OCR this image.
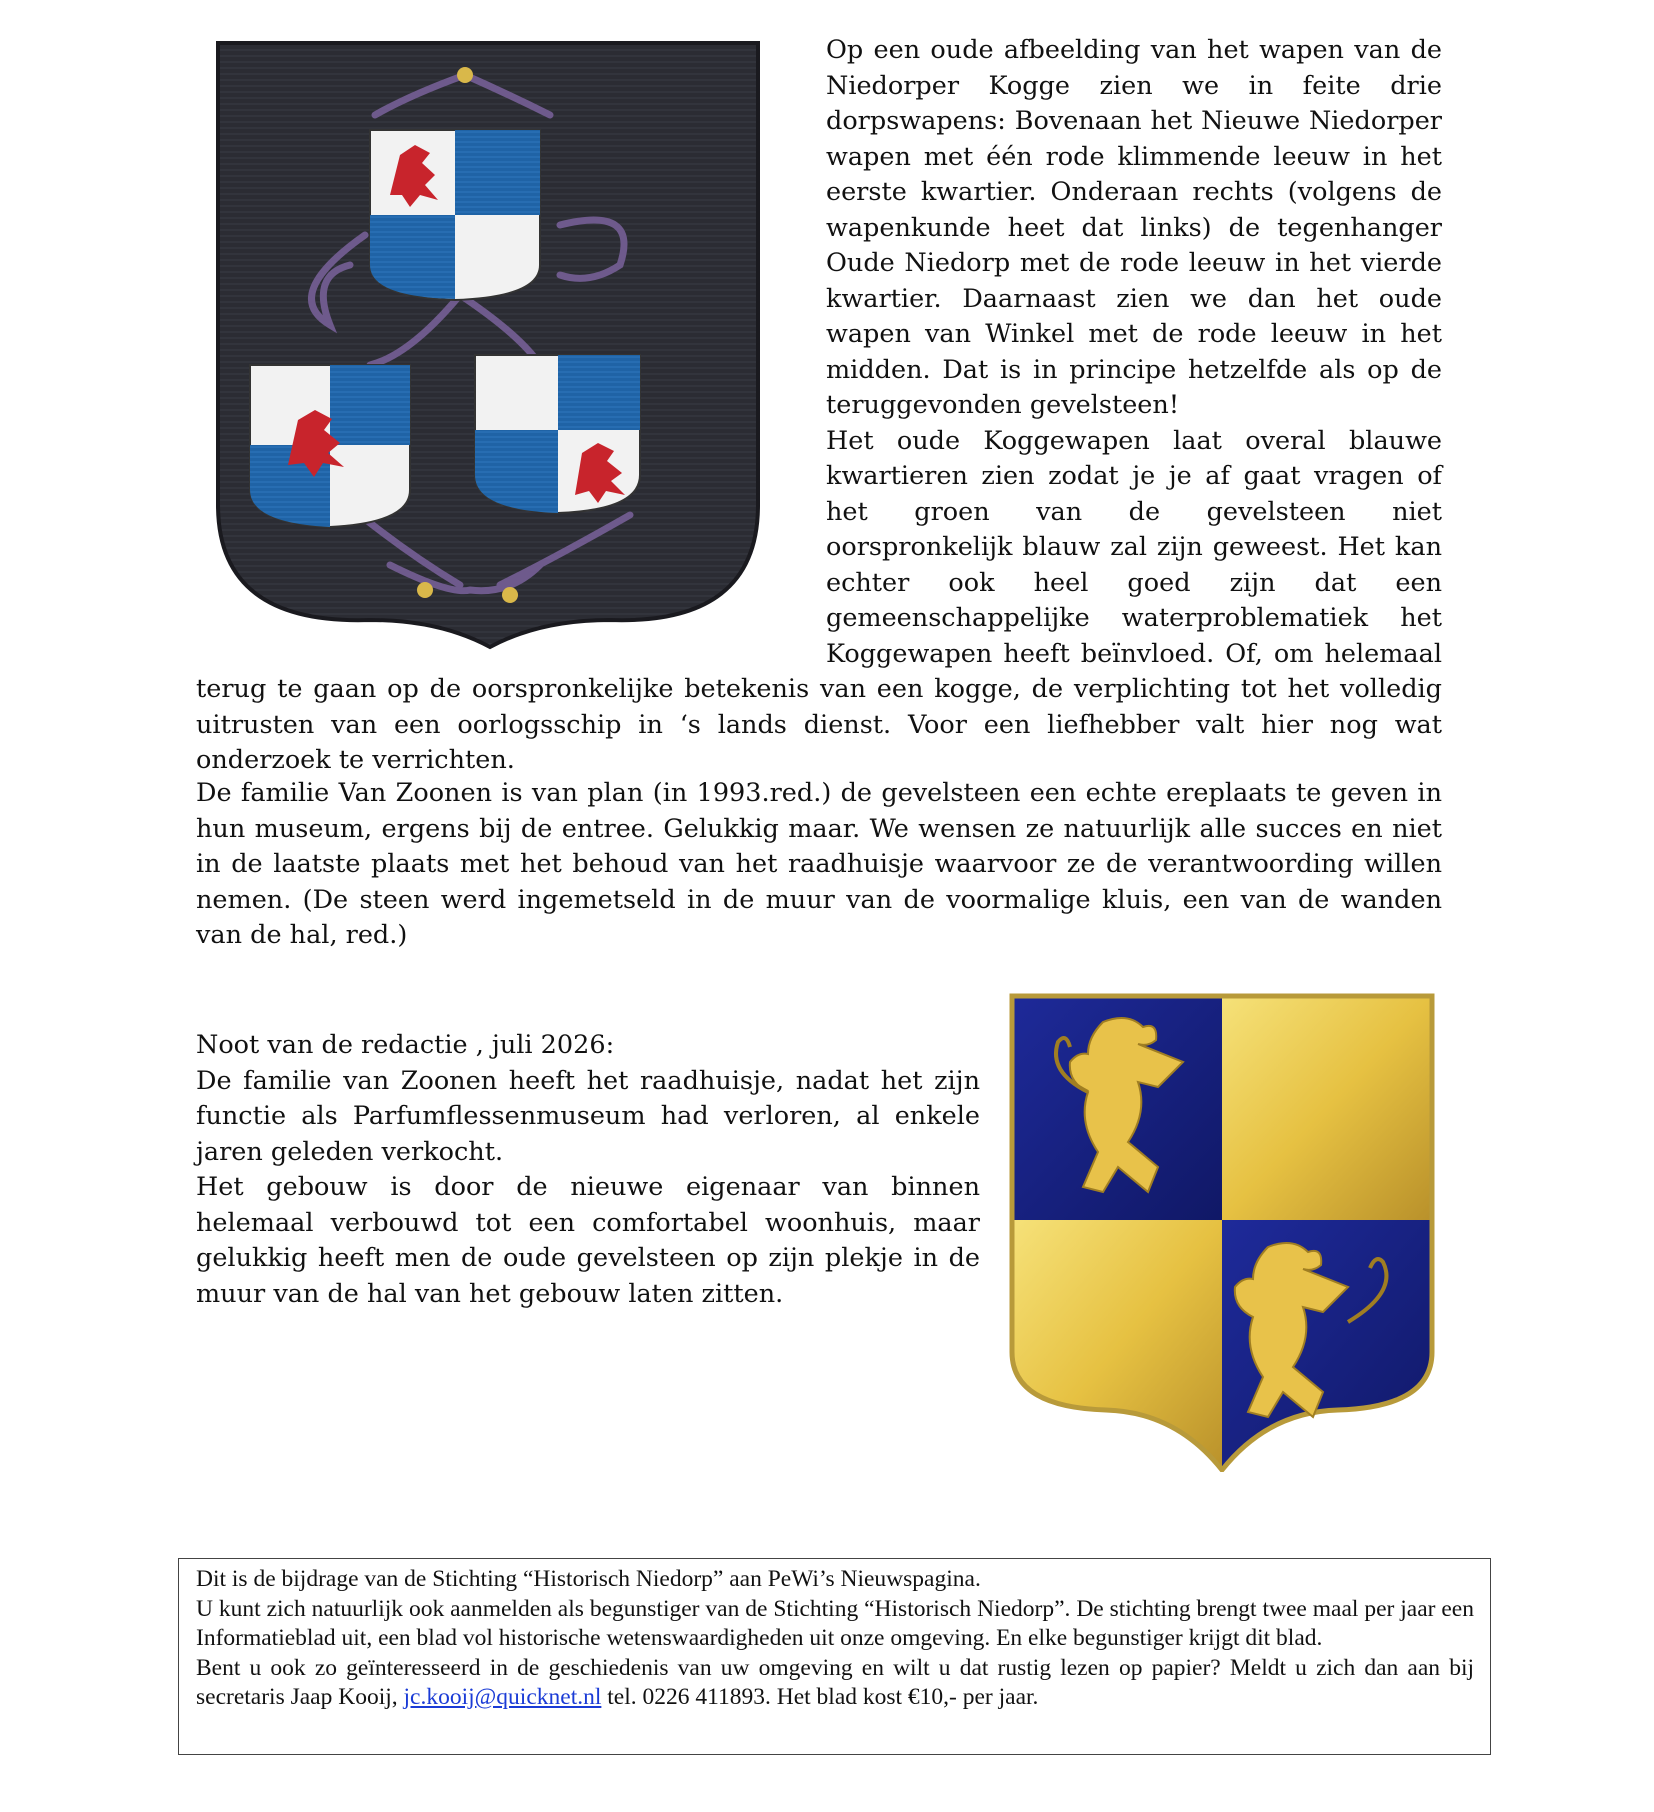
Op een oude afbeelding van het wapen van de Niedorper Kogge zien we in feite drie dorpswapens: Bovenaan het Nieuwe Niedorper wapen met één rode klimmende leeuw in het eerste kwartier. Onderaan rechts (volgens de wapenkunde heet dat links) de tegenhanger Oude Niedorp met de rode leeuw in het vierde kwartier. Daarnaast zien we dan het oude wapen van Winkel met de rode leeuw in het midden. Dat is in principe hetzelfde als op de teruggevonden gevelsteen!
Het oude Koggewapen laat overal blauwe kwartieren zien zodat je je af gaat vragen of het groen van de gevelsteen niet oorspronkelijk blauw zal zijn geweest. Het kan echter ook heel goed zijn dat een gemeenschappelijke waterproblematiek het Koggewapen heeft beïnvloed. Of, om helemaal terug te gaan op de oorspronkelijke betekenis van een kogge, de verplichting tot het volledig uitrusten van een oorlogsschip in ‘s lands dienst. Voor een liefhebber valt hier nog wat onderzoek te verrichten.

De familie Van Zoonen is van plan (in 1993.red.) de gevelsteen een echte ereplaats te geven in hun museum, ergens bij de entree. Gelukkig maar. We wensen ze natuurlijk alle succes en niet in de laatste plaats met het behoud van het raadhuisje waarvoor ze de verantwoording willen nemen. (De steen werd ingemetseld in de muur van de voormalige kluis, een van de wanden van de hal, red.)

Noot van de redactie , juli 2026:
De familie van Zoonen heeft het raadhuisje, nadat het zijn functie als Parfumflessenmuseum had verloren, al enkele jaren geleden verkocht.
Het gebouw is door de nieuwe eigenaar van binnen helemaal verbouwd tot een comfortabel woonhuis, maar gelukkig heeft men de oude gevelsteen op zijn plekje in de muur van de hal van het gebouw laten zitten.

Dit is de bijdrage van de Stichting “Historisch Niedorp” aan PeWi’s Nieuwspagina.

U kunt zich natuurlijk ook aanmelden als begunstiger van de Stichting “Historisch Niedorp”. De stichting brengt twee maal per jaar een Informatieblad uit, een blad vol historische wetenswaardigheden uit onze omgeving. En elke begunstiger krijgt dit blad.

Bent u ook zo geïnteresseerd in de geschiedenis van uw omgeving en wilt u dat rustig lezen op papier? Meldt u zich dan aan bij secretaris Jaap Kooij, jc.kooij@quicknet.nl tel. 0226 411893. Het blad kost €10,- per jaar.
